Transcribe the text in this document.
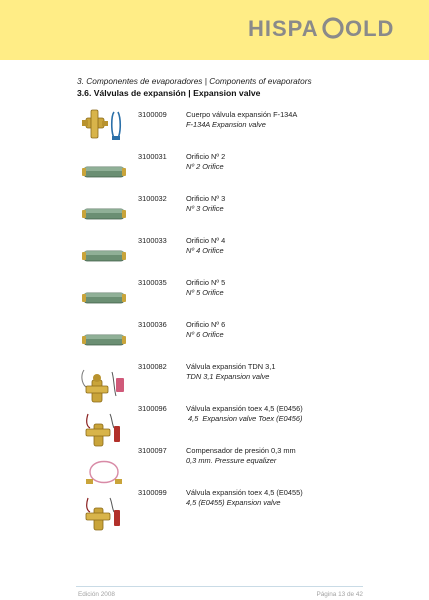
HISPA OLD
3. Componentes de evaporadores | Components of evaporators
3.6. Válvulas de expansión | Expansion valve
3100009	Cuerpo válvula expansión F-134A
F-134A Expansion valve
3100031	Orificio Nº 2
Nº 2 Orifice
3100032	Orificio Nº 3
Nº 3 Orifice
3100033	Orificio Nº 4
Nº 4 Orifice
3100035	Orificio Nº 5
Nº 5 Orifice
3100036	Orificio Nº 6
Nº 6 Orifice
3100082	Válvula expansión TDN 3,1
TDN 3,1 Expansion valve
3100096	Válvula expansión toex 4,5 (E0456)
4,5  Expansion valve Toex (E0456)
3100097	Compensador de presión 0,3 mm
0,3 mm. Pressure equalizer
3100099	Válvula expansión toex 4,5 (E0455)
4,5 (E0455) Expansion valve
Edición 2008	Página 13 de 42
